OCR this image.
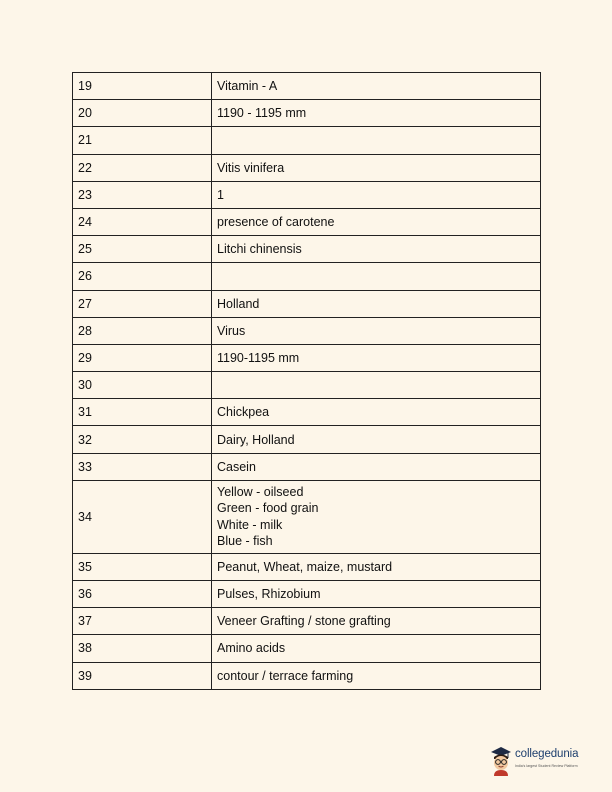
19	Vitamin - A

20	1190 - 1195 mm

21	

22	Vitis vinifera

23	1

24	presence of carotene

25	Litchi chinensis

26	

27	Holland

28	Virus

29	1190-1195 mm

30	

31	Chickpea

32	Dairy, Holland

33	Casein

34	Yellow - oilseed
Green - food grain
White - milk
Blue - fish

35	Peanut, Wheat, maize, mustard

36	Pulses, Rhizobium

37	Veneer Grafting / stone grafting

38	Amino acids

39	contour / terrace farming
collegedunia
India's largest Student Review Platform
